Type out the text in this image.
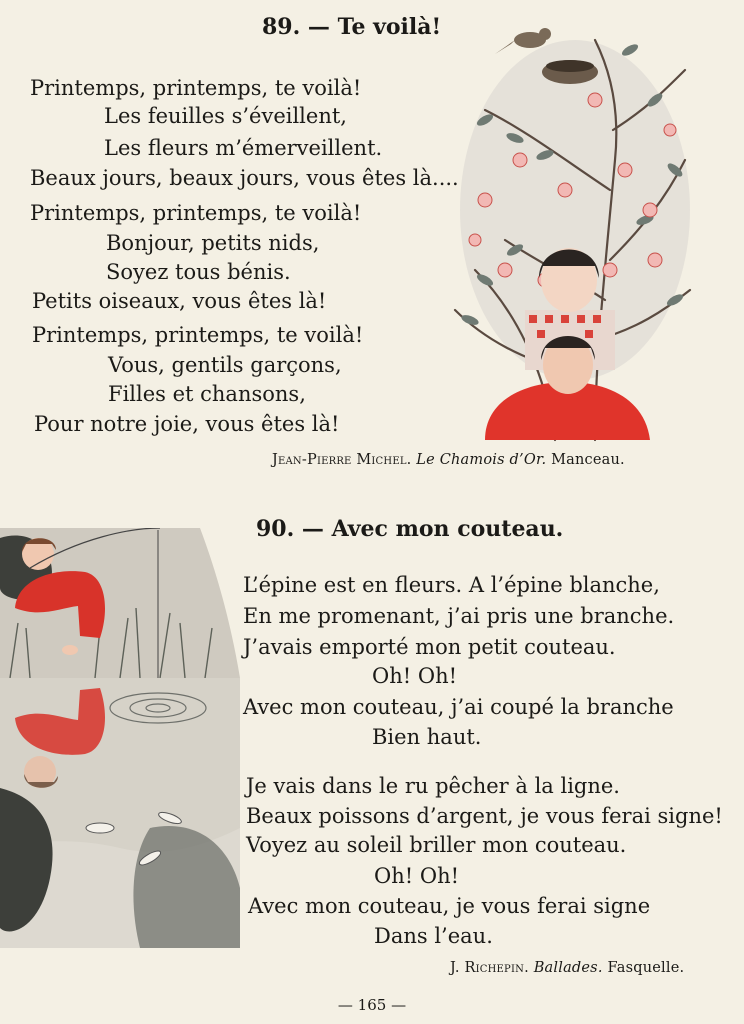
89. — Te voilà!
Printemps, printemps, te voilà!
Les feuilles s’éveillent,
Les fleurs m’émerveillent.
Beaux jours, beaux jours, vous êtes là....
Printemps, printemps, te voilà!
Bonjour, petits nids,
Soyez tous bénis.
Petits oiseaux, vous êtes là!
Printemps, printemps, te voilà!
Vous, gentils garçons,
Filles et chansons,
Pour notre joie, vous êtes là!
Jean-Pierre Michel. Le Chamois d’Or. Manceau.
90. — Avec mon couteau.
L’épine est en fleurs. A l’épine blanche,
En me promenant, j’ai pris une branche.
J’avais emporté mon petit couteau.
Oh! Oh!
Avec mon couteau, j’ai coupé la branche
Bien haut.
Je vais dans le ru pêcher à la ligne.
Beaux poissons d’argent, je vous ferai signe!
Voyez au soleil briller mon couteau.
Oh! Oh!
Avec mon couteau, je vous ferai signe
Dans l’eau.
J. Richepin. Ballades. Fasquelle.
— 165 —
